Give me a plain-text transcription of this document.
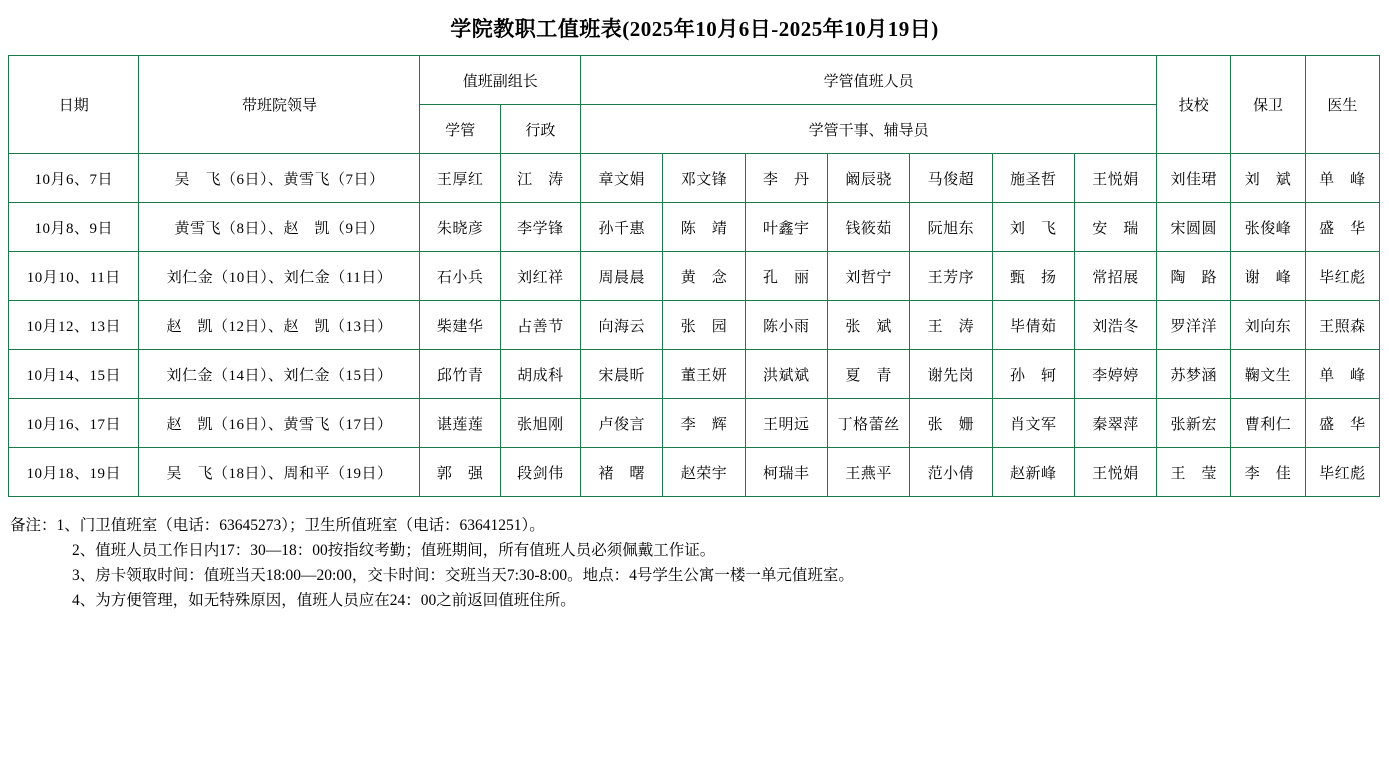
学院教职工值班表(2025年10月6日-2025年10月19日)
日期	带班院领导	值班副组长		学管值班人员							技校	保卫	医生
		学管	行政	学管干事、辅导员									
10月6、7日	吴　飞（6日）、黄雪飞（7日）	王厚红	江　涛	章文娟	邓文锋	李　丹	阚辰骁	马俊超	施圣哲	王悦娟	刘佳珺	刘　斌	单　峰
10月8、9日	黄雪飞（8日）、赵　凯（9日）	朱晓彦	李学锋	孙千惠	陈　靖	叶鑫宇	钱筱茹	阮旭东	刘　飞	安　瑞	宋圆圆	张俊峰	盛　华
10月10、11日	刘仁金（10日）、刘仁金（11日）	石小兵	刘红祥	周晨晨	黄　念	孔　丽	刘哲宁	王芳序	甄　扬	常招展	陶　路	谢　峰	毕红彪
10月12、13日	赵　凯（12日）、赵　凯（13日）	柴建华	占善节	向海云	张　园	陈小雨	张　斌	王　涛	毕倩茹	刘浩冬	罗洋洋	刘向东	王照森
10月14、15日	刘仁金（14日）、刘仁金（15日）	邱竹青	胡成科	宋晨昕	董王妍	洪斌斌	夏　青	谢先岗	孙　轲	李婷婷	苏梦涵	鞠文生	单　峰
10月16、17日	赵　凯（16日）、黄雪飞（17日）	谌莲莲	张旭刚	卢俊言	李　辉	王明远	丁格蕾丝	张　姗	肖文军	秦翠萍	张新宏	曹利仁	盛　华
10月18、19日	吴　飞（18日）、周和平（19日）	郭　强	段剑伟	褚　曙	赵荣宇	柯瑞丰	王燕平	范小倩	赵新峰	王悦娟	王　莹	李　佳	毕红彪
备注：1、门卫值班室（电话：63645273）；卫生所值班室（电话：63641251）。
2、值班人员工作日内17：30—18：00按指纹考勤；值班期间，所有值班人员必须佩戴工作证。
3、房卡领取时间：值班当天18:00—20:00，交卡时间：交班当天7:30-8:00。地点：4号学生公寓一楼一单元值班室。
4、为方便管理，如无特殊原因，值班人员应在24：00之前返回值班住所。
